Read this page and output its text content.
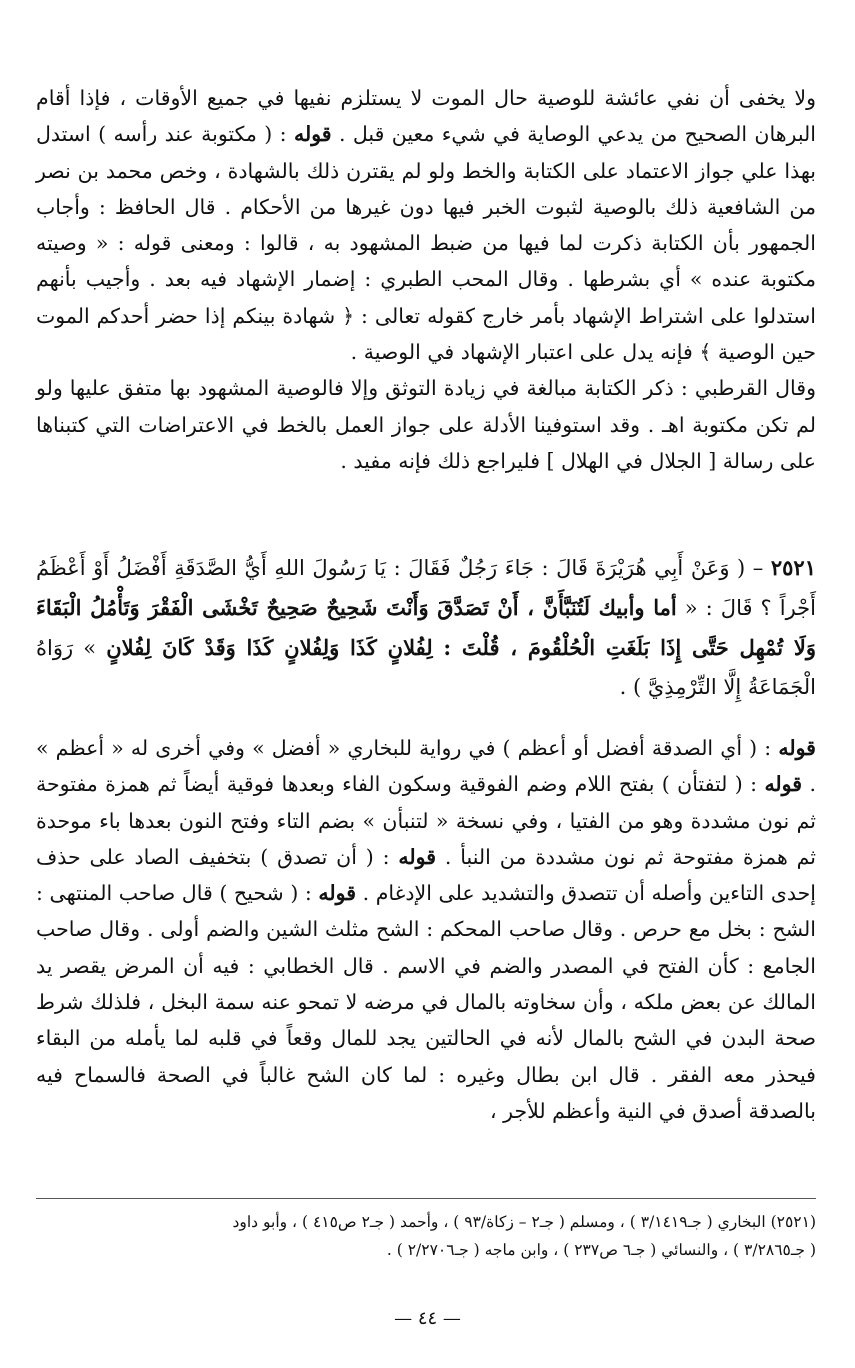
ولا يخفى أن نفي عائشة للوصية حال الموت لا يستلزم نفيها في جميع الأوقات ، فإذا أقام البرهان الصحيح من يدعي الوصاية في شيء معين قبل . قوله : ( مكتوبة عند رأسه ) استدل بهذا علي جواز الاعتماد على الكتابة والخط ولو لم يقترن ذلك بالشهادة ، وخص محمد بن نصر من الشافعية ذلك بالوصية لثبوت الخبر فيها دون غيرها من الأحكام . قال الحافظ : وأجاب الجمهور بأن الكتابة ذكرت لما فيها من ضبط المشهود به ، قالوا : ومعنى قوله : « وصيته مكتوبة عنده » أي بشرطها . وقال المحب الطبري : إضمار الإشهاد فيه بعد . وأجيب بأنهم استدلوا على اشتراط الإشهاد بأمر خارج كقوله تعالى : ﴿ شهادة بينكم إذا حضر أحدكم الموت حين الوصية ﴾ فإنه يدل على اعتبار الإشهاد في الوصية .

وقال القرطبي : ذكر الكتابة مبالغة في زيادة التوثق وإلا فالوصية المشهود بها متفق عليها ولو لم تكن مكتوبة اهـ . وقد استوفينا الأدلة على جواز العمل بالخط في الاعتراضات التي كتبناها على رسالة [ الجلال في الهلال ] فليراجع ذلك فإنه مفيد .

٢٥٢١ – ( وَعَنْ أَبِي هُرَيْرَةَ قَالَ : جَاءَ رَجُلٌ فَقَالَ : يَا رَسُولَ اللهِ أَيُّ الصَّدَقَةِ أَفْضَلُ أَوْ أَعْظَمُ أَجْراً ؟ قَالَ : « أما وأبيك لَتُنَبَّأَنَّ ، أَنْ تَصَدَّقَ وَأَنْتَ شَحِيحٌ صَحِيحٌ تَخْشَى الْفَقْرَ وَتَأْمُلُ الْبَقَاءَ وَلَا تُمْهِل حَتَّى إِذَا بَلَغَتِ الْحُلْقُومَ ، قُلْتَ : لِفُلانٍ كَذَا وَلِفُلانٍ كَذَا وَقَدْ كَانَ لِفُلانٍ » رَوَاهُ الْجَمَاعَةُ إِلَّا التِّرْمِذِيَّ ) .

قوله : ( أي الصدقة أفضل أو أعظم ) في رواية للبخاري « أفضل » وفي أخرى له « أعظم » . قوله : ( لتفتأن ) بفتح اللام وضم الفوقية وسكون الفاء وبعدها فوقية أيضاً ثم همزة مفتوحة ثم نون مشددة وهو من الفتيا ، وفي نسخة « لتنبأن » بضم التاء وفتح النون بعدها باء موحدة ثم همزة مفتوحة ثم نون مشددة من النبأ . قوله : ( أن تصدق ) بتخفيف الصاد على حذف إحدى التاءين وأصله أن تتصدق والتشديد على الإدغام . قوله : ( شحيح ) قال صاحب المنتهى : الشح : بخل مع حرص . وقال صاحب المحكم : الشح مثلث الشين والضم أولى . وقال صاحب الجامع : كأن الفتح في المصدر والضم في الاسم . قال الخطابي : فيه أن المرض يقصر يد المالك عن بعض ملكه ، وأن سخاوته بالمال في مرضه لا تمحو عنه سمة البخل ، فلذلك شرط صحة البدن في الشح بالمال لأنه في الحالتين يجد للمال وقعاً في قلبه لما يأمله من البقاء فيحذر معه الفقر . قال ابن بطال وغيره : لما كان الشح غالباً في الصحة فالسماح فيه بالصدقة أصدق في النية وأعظم للأجر ،

(٢٥٢١) البخاري ( جـ٣/١٤١٩ ) ، ومسلم ( جـ٢ – زكاة/٩٣ ) ، وأحمد ( جـ٢ ص٤١٥ ) ، وأبو داود

( جـ٣/٢٨٦٥ ) ، والنسائي ( جـ٦ ص٢٣٧ ) ، وابن ماجه ( جـ٢/٢٧٠٦ ) .

— ٤٤ —
